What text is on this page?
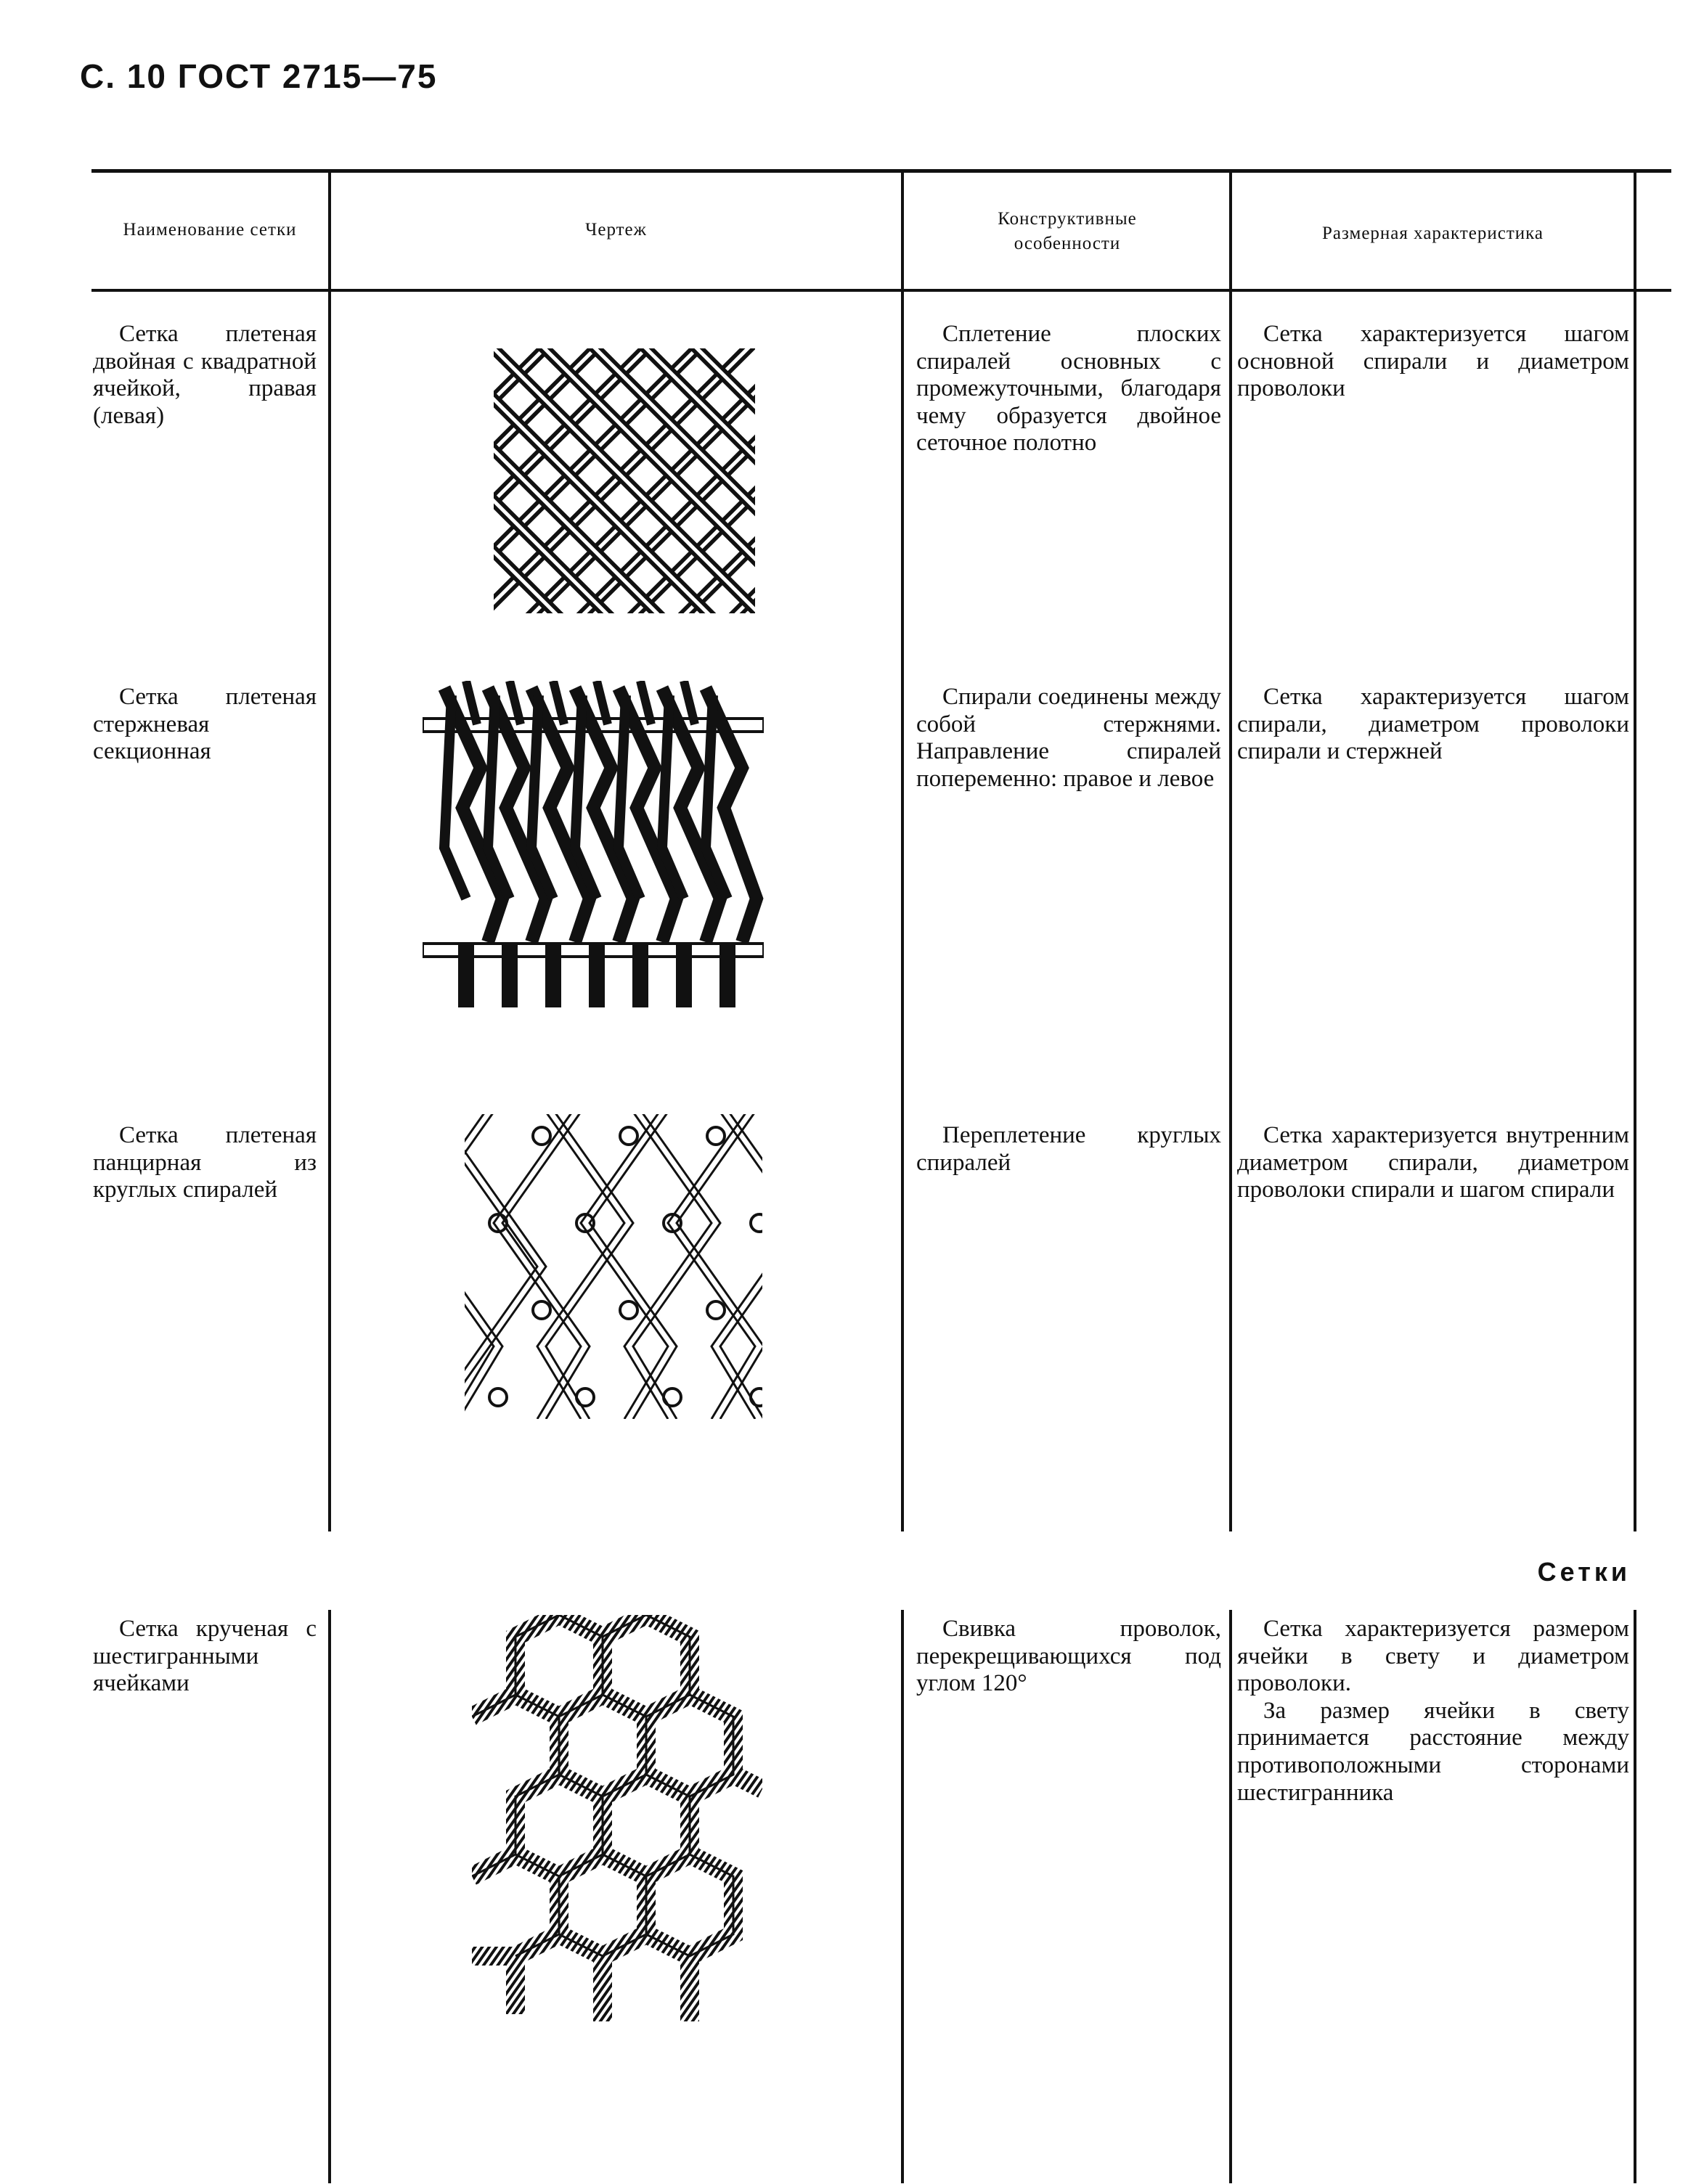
С. 10 ГОСТ 2715—75
Наименование сетки	Чертеж
Конструктивные особенности
Размерная характеристика
Сетка плетеная двойная с квадратной ячейкой, правая (левая)
Сплетение плоских спиралей основных с промежуточными, благодаря чему образуется двойное сеточное полотно

Сетка характеризуется шагом основной спирали и диаметром проволоки

Сетка плетеная стержневая секционная
Спирали соединены между собой стержнями. Направление спиралей попеременно: правое и левое

Сетка характеризуется шагом спирали, диаметром проволоки спирали и стержней

Сетка плетеная панцирная из круглых спиралей
Переплетение круглых спиралей

Сетка характеризуется внутренним диаметром спирали, диаметром проволоки спирали и шагом спирали

Сетки
Сетка крученая с шестигранными ячейками
Свивка проволок, перекрещивающихся под углом 120°

Сетка характеризуется размером ячейки в свету и диаметром проволоки.

За размер ячейки в свету принимается расстояние между противоположными сторонами шестигранника
